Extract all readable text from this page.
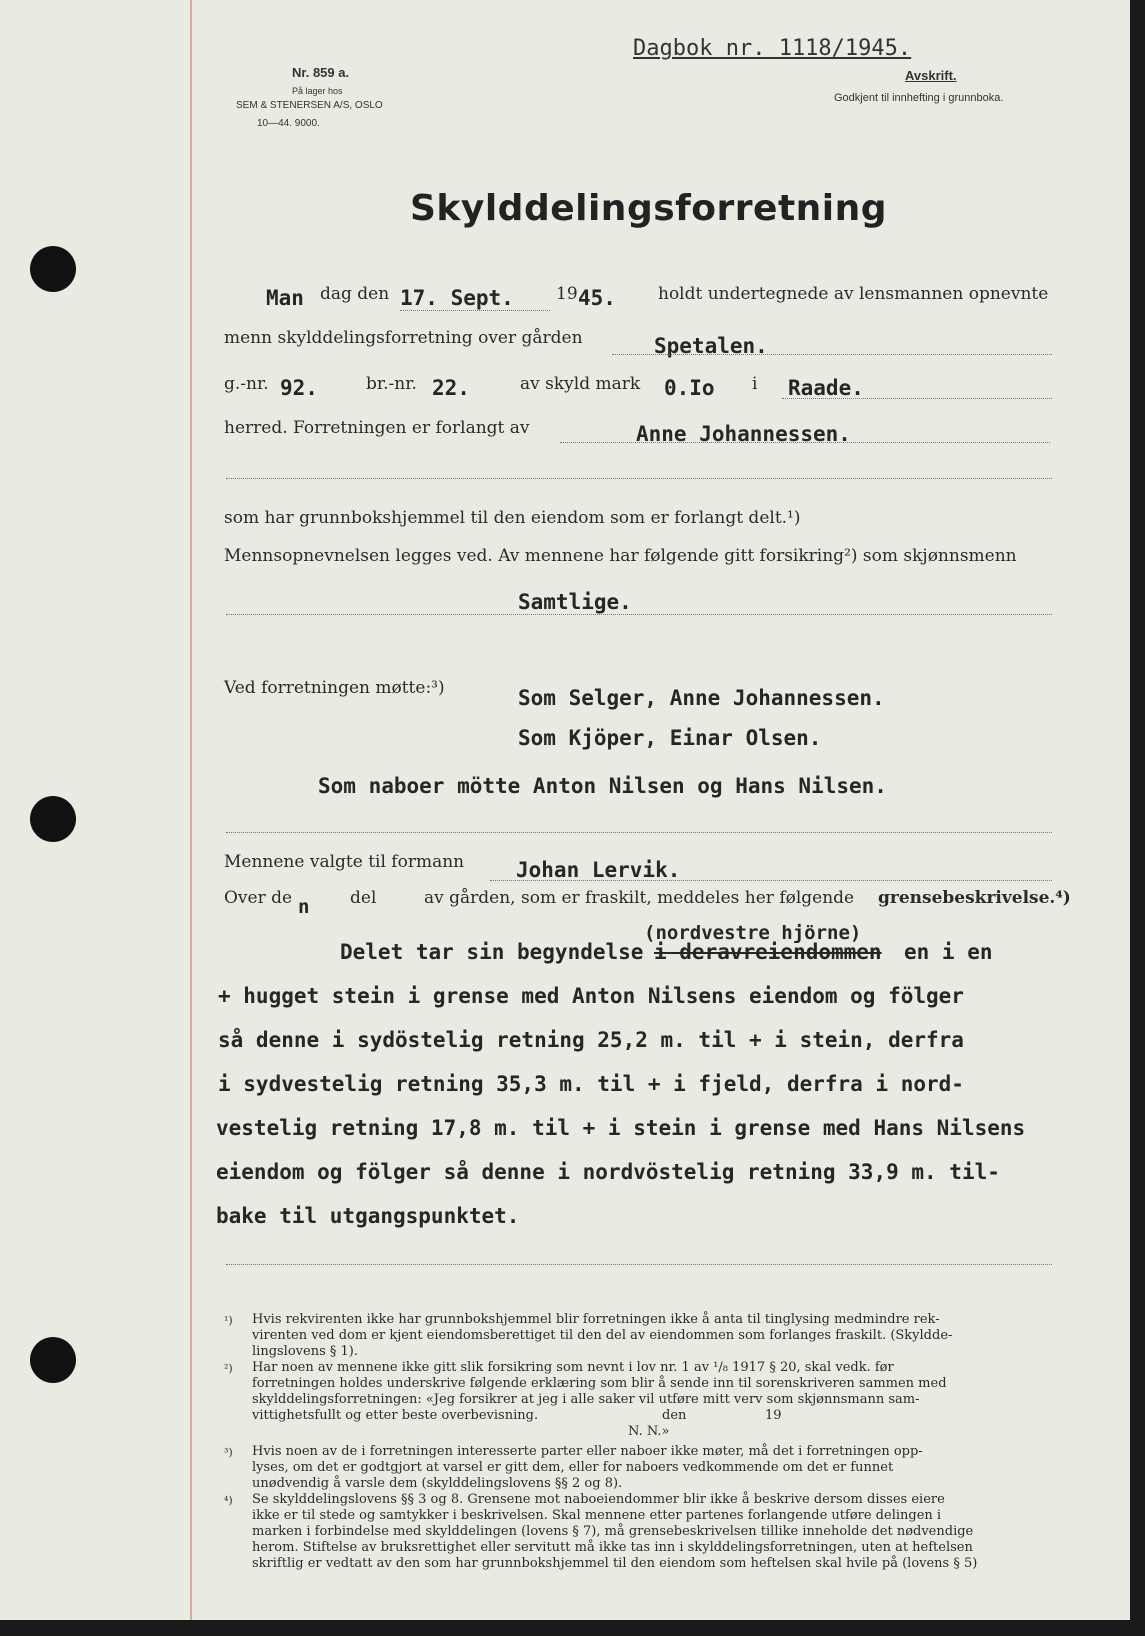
Dagbok nr. 1118/1945.
Nr. 859 a.
På lager hos
SEM & STENERSEN A/S, OSLO
10—44. 9000.
Avskrift.
Godkjent til innhefting i grunnboka.
Skylddelingsforretning
Man dag den 17. Sept. 19 45. holdt undertegnede av lensmannen opnevnte
menn skylddelingsforretning over gården	Spetalen.
g.-nr. 92.	br.-nr. 22.	av skyld mark 0.Io i Raade.
herred. Forretningen er forlangt av	Anne Johannessen.
som har grunnbokshjemmel til den eiendom som er forlangt delt.¹)
Mennsopnevnelsen legges ved. Av mennene har følgende gitt forsikring²) som skjønnsmenn
Samtlige.
Ved forretningen møtte:³)	Som Selger, Anne Johannessen.
Som Kjöper, Einar Olsen.
Som naboer mötte Anton Nilsen og Hans Nilsen.
Mennene valgte til formann Johan Lervik.
Over de n del	av gården, som er fraskilt, meddeles her følgende grensebeskrivelse.⁴)
(nordvestre hjörne)
Delet tar sin begyndelse i deravreiendommen en i en
+ hugget stein i grense med Anton Nilsens eiendom og fölger
så denne i sydöstelig retning 25,2 m. til + i stein, derfra
i sydvestelig retning 35,3 m. til + i fjeld, derfra i nord-
vestelig retning 17,8 m. til + i stein i grense med Hans Nilsens
eiendom og fölger så denne i nordvöstelig retning 33,9 m. til-
bake til utgangspunktet.
¹) Hvis rekvirenten ikke har grunnbokshjemmel blir forretningen ikke å anta til tinglysing medmindre rek-
virenten ved dom er kjent eiendomsberettiget til den del av eiendommen som forlanges fraskilt. (Skyldde-
lingslovens § 1).
²) Har noen av mennene ikke gitt slik forsikring som nevnt i lov nr. 1 av ¹/₈ 1917 § 20, skal vedk. før
forretningen holdes underskrive følgende erklæring som blir å sende inn til sorenskriveren sammen med
skylddelingsforretningen: «Jeg forsikrer at jeg i alle saker vil utføre mitt verv som skjønnsmann sam-
vittighetsfullt og etter beste overbevisning.                              den                   19
N. N.»
³) Hvis noen av de i forretningen interesserte parter eller naboer ikke møter, må det i forretningen opp-
lyses, om det er godtgjort at varsel er gitt dem, eller for naboers vedkommende om det er funnet
unødvendig å varsle dem (skylddelingslovens §§ 2 og 8).
⁴) Se skylddelingslovens §§ 3 og 8. Grensene mot naboeiendommer blir ikke å beskrive dersom disses eiere
ikke er til stede og samtykker i beskrivelsen. Skal mennene etter partenes forlangende utføre delingen i
marken i forbindelse med skylddelingen (lovens § 7), må grensebeskrivelsen tillike inneholde det nødvendige
herom. Stiftelse av bruksrettighet eller servitutt må ikke tas inn i skylddelingsforretningen, uten at heftelsen
skriftlig er vedtatt av den som har grunnbokshjemmel til den eiendom som heftelsen skal hvile på (lovens § 5)
